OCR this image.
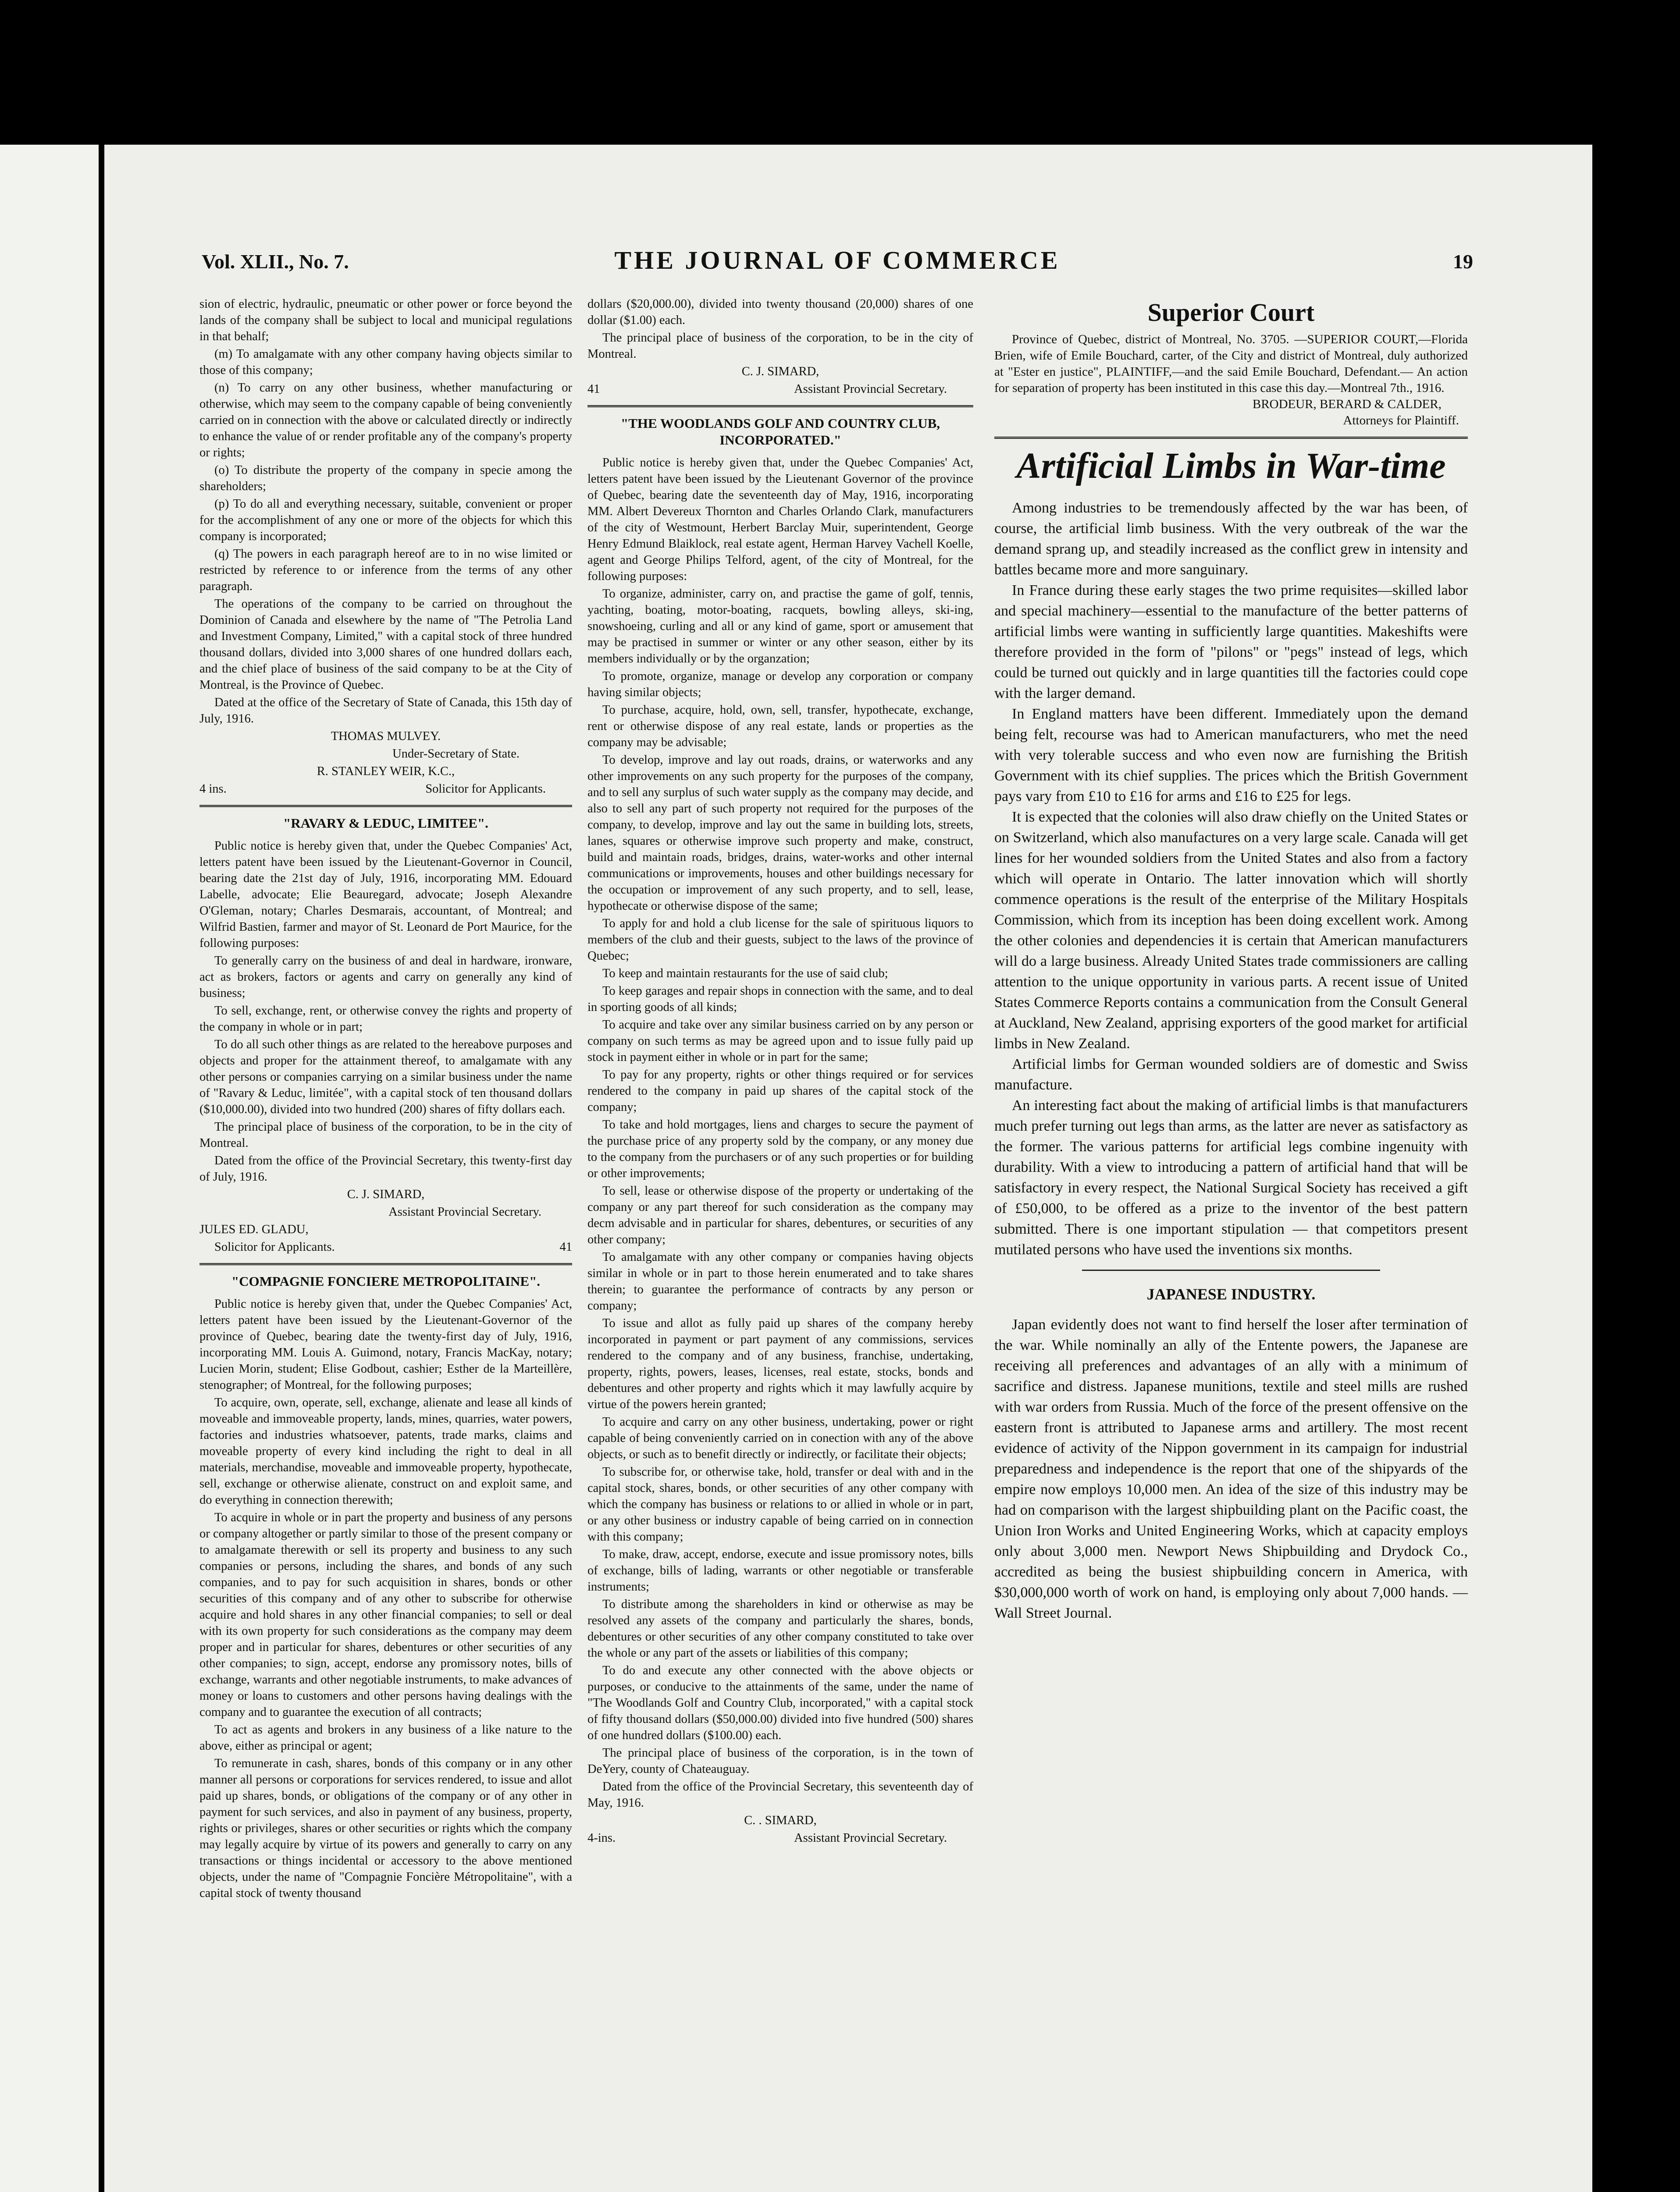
Vol. XLII., No. 7.	THE JOURNAL OF COMMERCE	19

sion of electric, hydraulic, pneumatic or other power or force beyond the lands of the company shall be subject to local and municipal regulations in that behalf;

(m) To amalgamate with any other company having objects similar to those of this company;

(n) To carry on any other business, whether manufacturing or otherwise, which may seem to the company capable of being conveniently carried on in connection with the above or calculated directly or indirectly to enhance the value of or render profitable any of the company's property or rights;

(o) To distribute the property of the company in specie among the shareholders;

(p) To do all and everything necessary, suitable, convenient or proper for the accomplishment of any one or more of the objects for which this company is incorporated;

(q) The powers in each paragraph hereof are to in no wise limited or restricted by reference to or inference from the terms of any other paragraph.

The operations of the company to be carried on throughout the Dominion of Canada and elsewhere by the name of "The Petrolia Land and Investment Company, Limited," with a capital stock of three hundred thousand dollars, divided into 3,000 shares of one hundred dollars each, and the chief place of business of the said company to be at the City of Montreal, is the Province of Quebec.

Dated at the office of the Secretary of State of Canada, this 15th day of July, 1916.

THOMAS MULVEY.

Under-Secretary of State.

R. STANLEY WEIR, K.C.,

4 ins.	Solicitor for Applicants.
"RAVARY & LEDUC, LIMITEE".

Public notice is hereby given that, under the Quebec Companies' Act, letters patent have been issued by the Lieutenant-Governor in Council, bearing date the 21st day of July, 1916, incorporating MM. Edouard Labelle, advocate; Elie Beauregard, advocate; Joseph Alexandre O'Gleman, notary; Charles Desmarais, accountant, of Montreal; and Wilfrid Bastien, farmer and mayor of St. Leonard de Port Maurice, for the following purposes:

To generally carry on the business of and deal in hardware, ironware, act as brokers, factors or agents and carry on generally any kind of business;

To sell, exchange, rent, or otherwise convey the rights and property of the company in whole or in part;

To do all such other things as are related to the hereabove purposes and objects and proper for the attainment thereof, to amalgamate with any other persons or companies carrying on a similar business under the name of "Ravary & Leduc, limitée", with a capital stock of ten thousand dollars ($10,000.00), divided into two hundred (200) shares of fifty dollars each.

The principal place of business of the corporation, to be in the city of Montreal.

Dated from the office of the Provincial Secretary, this twenty-first day of July, 1916.

C. J. SIMARD,

Assistant Provincial Secretary.

JULES ED. GLADU,

Solicitor for Applicants.	41
"COMPAGNIE FONCIERE METROPOLITAINE".

Public notice is hereby given that, under the Quebec Companies' Act, letters patent have been issued by the Lieutenant-Governor of the province of Quebec, bearing date the twenty-first day of July, 1916, incorporating MM. Louis A. Guimond, notary, Francis MacKay, notary; Lucien Morin, student; Elise Godbout, cashier; Esther de la Marteillère, stenographer; of Montreal, for the following purposes;

To acquire, own, operate, sell, exchange, alienate and lease all kinds of moveable and immoveable property, lands, mines, quarries, water powers, factories and industries whatsoever, patents, trade marks, claims and moveable property of every kind including the right to deal in all materials, merchandise, moveable and immoveable property, hypothecate, sell, exchange or otherwise alienate, construct on and exploit same, and do everything in connection therewith;

To acquire in whole or in part the property and business of any persons or company altogether or partly similar to those of the present company or to amalgamate therewith or sell its property and business to any such companies or persons, including the shares, and bonds of any such companies, and to pay for such acquisition in shares, bonds or other securities of this company and of any other to subscribe for otherwise acquire and hold shares in any other financial companies; to sell or deal with its own property for such considerations as the company may deem proper and in particular for shares, debentures or other securities of any other companies; to sign, accept, endorse any promissory notes, bills of exchange, warrants and other negotiable instruments, to make advances of money or loans to customers and other persons having dealings with the company and to guarantee the execution of all contracts;

To act as agents and brokers in any business of a like nature to the above, either as principal or agent;

To remunerate in cash, shares, bonds of this company or in any other manner all persons or corporations for services rendered, to issue and allot paid up shares, bonds, or obligations of the company or of any other in payment for such services, and also in payment of any business, property, rights or privileges, shares or other securities or rights which the company may legally acquire by virtue of its powers and generally to carry on any transactions or things incidental or accessory to the above mentioned objects, under the name of "Compagnie Foncière Métropolitaine", with a capital stock of twenty thousand

dollars ($20,000.00), divided into twenty thousand (20,000) shares of one dollar ($1.00) each.

The principal place of business of the corporation, to be in the city of Montreal.

C. J. SIMARD,

41	Assistant Provincial Secretary.
"THE WOODLANDS GOLF AND COUNTRY CLUB, INCORPORATED."

Public notice is hereby given that, under the Quebec Companies' Act, letters patent have been issued by the Lieutenant Governor of the province of Quebec, bearing date the seventeenth day of May, 1916, incorporating MM. Albert Devereux Thornton and Charles Orlando Clark, manufacturers of the city of Westmount, Herbert Barclay Muir, superintendent, George Henry Edmund Blaiklock, real estate agent, Herman Harvey Vachell Koelle, agent and George Philips Telford, agent, of the city of Montreal, for the following purposes:

To organize, administer, carry on, and practise the game of golf, tennis, yachting, boating, motor-boating, racquets, bowling alleys, ski-ing, snowshoeing, curling and all or any kind of game, sport or amusement that may be practised in summer or winter or any other season, either by its members individually or by the organzation;

To promote, organize, manage or develop any corporation or company having similar objects;

To purchase, acquire, hold, own, sell, transfer, hypothecate, exchange, rent or otherwise dispose of any real estate, lands or properties as the company may be advisable;

To develop, improve and lay out roads, drains, or waterworks and any other improvements on any such property for the purposes of the company, and to sell any surplus of such water supply as the company may decide, and also to sell any part of such property not required for the purposes of the company, to develop, improve and lay out the same in building lots, streets, lanes, squares or otherwise improve such property and make, construct, build and maintain roads, bridges, drains, water-works and other internal communications or improvements, houses and other buildings necessary for the occupation or improvement of any such property, and to sell, lease, hypothecate or otherwise dispose of the same;

To apply for and hold a club license for the sale of spirituous liquors to members of the club and their guests, subject to the laws of the province of Quebec;

To keep and maintain restaurants for the use of said club;

To keep garages and repair shops in connection with the same, and to deal in sporting goods of all kinds;

To acquire and take over any similar business carried on by any person or company on such terms as may be agreed upon and to issue fully paid up stock in payment either in whole or in part for the same;

To pay for any property, rights or other things required or for services rendered to the company in paid up shares of the capital stock of the company;

To take and hold mortgages, liens and charges to secure the payment of the purchase price of any property sold by the company, or any money due to the company from the purchasers or of any such properties or for building or other improvements;

To sell, lease or otherwise dispose of the property or undertaking of the company or any part thereof for such consideration as the company may decm advisable and in particular for shares, debentures, or securities of any other company;

To amalgamate with any other company or companies having objects similar in whole or in part to those herein enumerated and to take shares therein; to guarantee the performance of contracts by any person or company;

To issue and allot as fully paid up shares of the company hereby incorporated in payment or part payment of any commissions, services rendered to the company and of any business, franchise, undertaking, property, rights, powers, leases, licenses, real estate, stocks, bonds and debentures and other property and rights which it may lawfully acquire by virtue of the powers herein granted;

To acquire and carry on any other business, undertaking, power or right capable of being conveniently carried on in conection with any of the above objects, or such as to benefit directly or indirectly, or facilitate their objects;

To subscribe for, or otherwise take, hold, transfer or deal with and in the capital stock, shares, bonds, or other securities of any other company with which the company has business or relations to or allied in whole or in part, or any other business or industry capable of being carried on in connection with this company;

To make, draw, accept, endorse, execute and issue promissory notes, bills of exchange, bills of lading, warrants or other negotiable or transferable instruments;

To distribute among the shareholders in kind or otherwise as may be resolved any assets of the company and particularly the shares, bonds, debentures or other securities of any other company constituted to take over the whole or any part of the assets or liabilities of this company;

To do and execute any other connected with the above objects or purposes, or conducive to the attainments of the same, under the name of "The Woodlands Golf and Country Club, incorporated," with a capital stock of fifty thousand dollars ($50,000.00) divided into five hundred (500) shares of one hundred dollars ($100.00) each.

The principal place of business of the corporation, is in the town of DeYery, county of Chateauguay.

Dated from the office of the Provincial Secretary, this seventeenth day of May, 1916.

C. . SIMARD,

4-ins.	Assistant Provincial Secretary.
Superior Court

Province of Quebec, district of Montreal, No. 3705. —SUPERIOR COURT,—Florida Brien, wife of Emile Bouchard, carter, of the City and district of Montreal, duly authorized at "Ester en justice", PLAINTIFF,—and the said Emile Bouchard, Defendant.— An action for separation of property has been instituted in this case this day.—Montreal 7th., 1916.

BRODEUR, BERARD & CALDER,

Attorneys for Plaintiff.

Artificial Limbs in War-time

Among industries to be tremendously affected by the war has been, of course, the artificial limb business. With the very outbreak of the war the demand sprang up, and steadily increased as the conflict grew in intensity and battles became more and more sanguinary.

In France during these early stages the two prime requisites—skilled labor and special machinery—essential to the manufacture of the better patterns of artificial limbs were wanting in sufficiently large quantities. Makeshifts were therefore provided in the form of "pilons" or "pegs" instead of legs, which could be turned out quickly and in large quantities till the factories could cope with the larger demand.

In England matters have been different. Immediately upon the demand being felt, recourse was had to American manufacturers, who met the need with very tolerable success and who even now are furnishing the British Government with its chief supplies. The prices which the British Government pays vary from £10 to £16 for arms and £16 to £25 for legs.

It is expected that the colonies will also draw chiefly on the United States or on Switzerland, which also manufactures on a very large scale. Canada will get lines for her wounded soldiers from the United States and also from a factory which will operate in Ontario. The latter innovation which will shortly commence operations is the result of the enterprise of the Military Hospitals Commission, which from its inception has been doing excellent work. Among the other colonies and dependencies it is certain that American manufacturers will do a large business. Already United States trade commissioners are calling attention to the unique opportunity in various parts. A recent issue of United States Commerce Reports contains a communication from the Consult General at Auckland, New Zealand, apprising exporters of the good market for artificial limbs in New Zealand.

Artificial limbs for German wounded soldiers are of domestic and Swiss manufacture.

An interesting fact about the making of artificial limbs is that manufacturers much prefer turning out legs than arms, as the latter are never as satisfactory as the former. The various patterns for artificial legs combine ingenuity with durability. With a view to introducing a pattern of artificial hand that will be satisfactory in every respect, the National Surgical Society has received a gift of £50,000, to be offered as a prize to the inventor of the best pattern submitted. There is one important stipulation — that competitors present mutilated persons who have used the inventions six months.

JAPANESE INDUSTRY.

Japan evidently does not want to find herself the loser after termination of the war. While nominally an ally of the Entente powers, the Japanese are receiving all preferences and advantages of an ally with a minimum of sacrifice and distress. Japanese munitions, textile and steel mills are rushed with war orders from Russia. Much of the force of the present offensive on the eastern front is attributed to Japanese arms and artillery. The most recent evidence of activity of the Nippon government in its campaign for industrial preparedness and independence is the report that one of the shipyards of the empire now employs 10,000 men. An idea of the size of this industry may be had on comparison with the largest shipbuilding plant on the Pacific coast, the Union Iron Works and United Engineering Works, which at capacity employs only about 3,000 men. Newport News Shipbuilding and Drydock Co., accredited as being the busiest shipbuilding concern in America, with $30,000,000 worth of work on hand, is employing only about 7,000 hands. —Wall Street Journal.
